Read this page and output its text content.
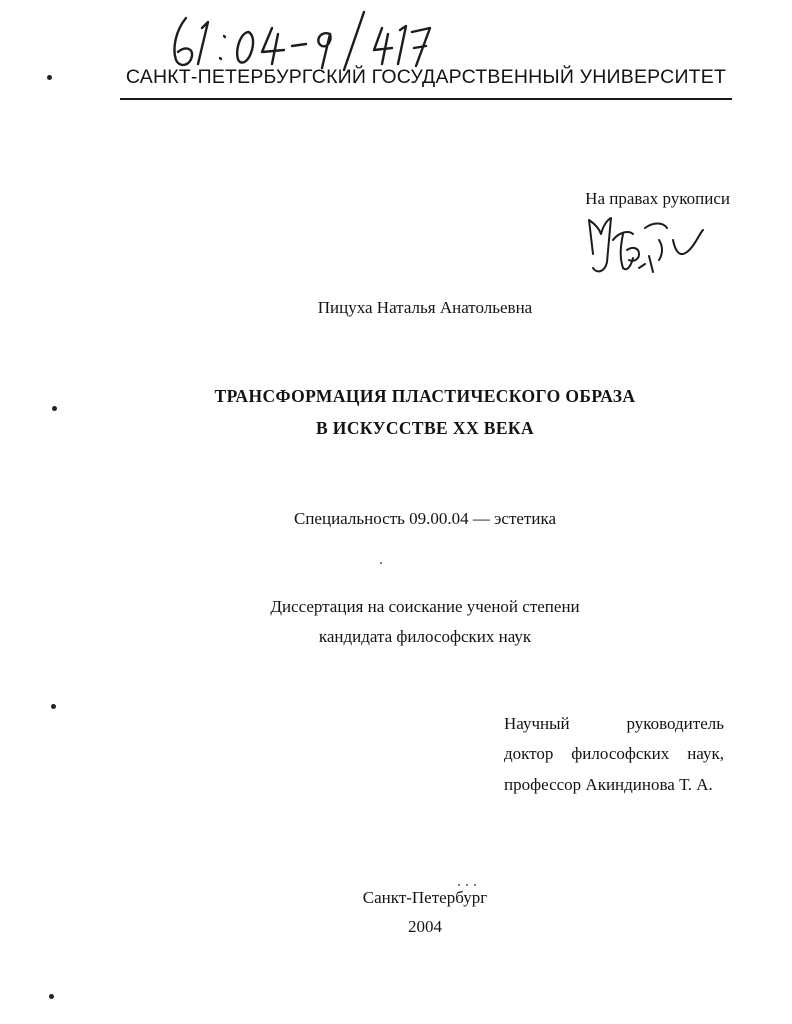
САНКТ-ПЕТЕРБУРГСКИЙ ГОСУДАРСТВЕННЫЙ УНИВЕРСИТЕТ
На правах рукописи
Пицуха Наталья Анатольевна
ТРАНСФОРМАЦИЯ ПЛАСТИЧЕСКОГО ОБРАЗА
В ИСКУССТВЕ XX ВЕКА
Специальность 09.00.04 — эстетика
Диссертация на соискание ученой степени
кандидата философских наук
Научный	руководитель
доктор философских наук,
профессор Акиндинова Т. А.
Санкт-Петербург
2004
